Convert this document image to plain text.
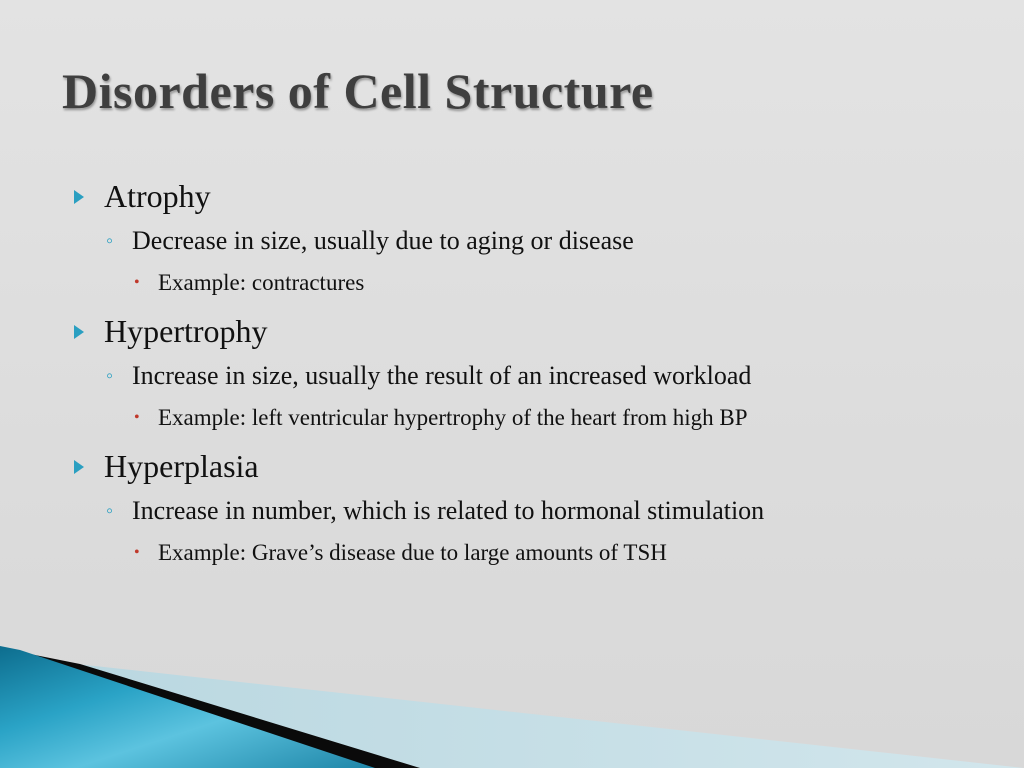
Disorders of Cell Structure
Atrophy
◦ Decrease in size, usually due to aging or disease
• Example: contractures
Hypertrophy
◦ Increase in size, usually the result of an increased workload
• Example: left ventricular hypertrophy of the heart from high BP
Hyperplasia
◦ Increase in number, which is related to hormonal stimulation
• Example: Grave’s disease due to large amounts of TSH
